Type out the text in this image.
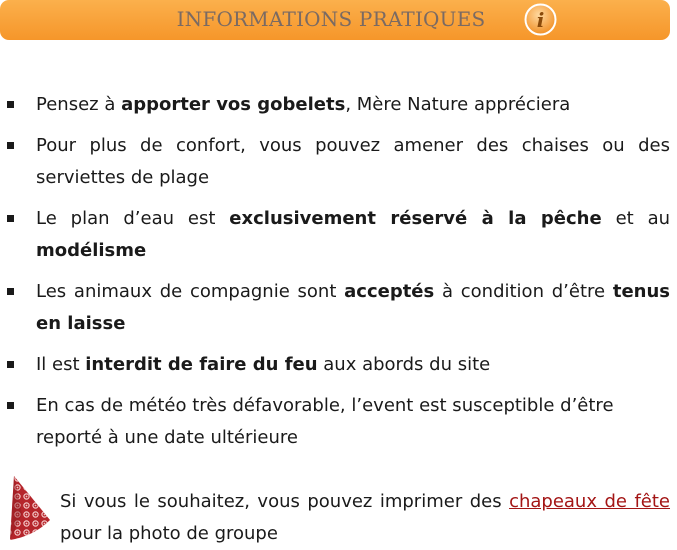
INFORMATIONS PRATIQUES	i
Pensez à apporter vos gobelets, Mère Nature appréciera
Pour plus de confort, vous pouvez amener des chaises ou des serviettes de plage
Le plan d’eau est exclusivement réservé à la pêche et au modélisme
Les animaux de compagnie sont acceptés à condition d’être tenus en laisse
Il est interdit de faire du feu aux abords du site
En cas de météo très défavorable, l’event est susceptible d’être reporté à une date ultérieure
Si vous le souhaitez, vous pouvez imprimer des chapeaux de fête pour la photo de groupe
